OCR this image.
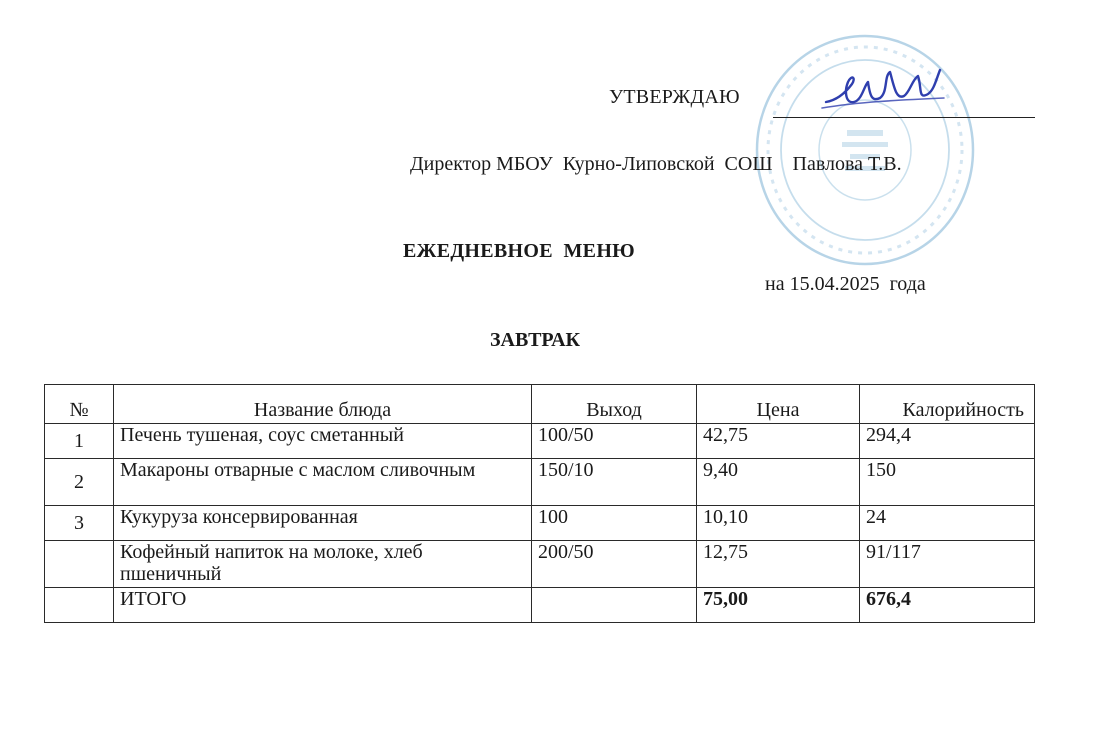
УТВЕРЖДАЮ
Директор МБОУ  Курно-Липовской  СОШ    Павлова Т.В.
ЕЖЕДНЕВНОЕ  МЕНЮ
на 15.04.2025  года
ЗАВТРАК
№	Название блюда	Выход	Цена	Калорийность
1	Печень тушеная, соус сметанный	100/50	42,75	294,4
2	Макароны отварные с маслом сливочным	150/10	9,40	150
3	Кукуруза консервированная	100	10,10	24
	Кофейный напиток на молоке, хлеб пшеничный	200/50	12,75	91/117
	ИТОГО		75,00	676,4
